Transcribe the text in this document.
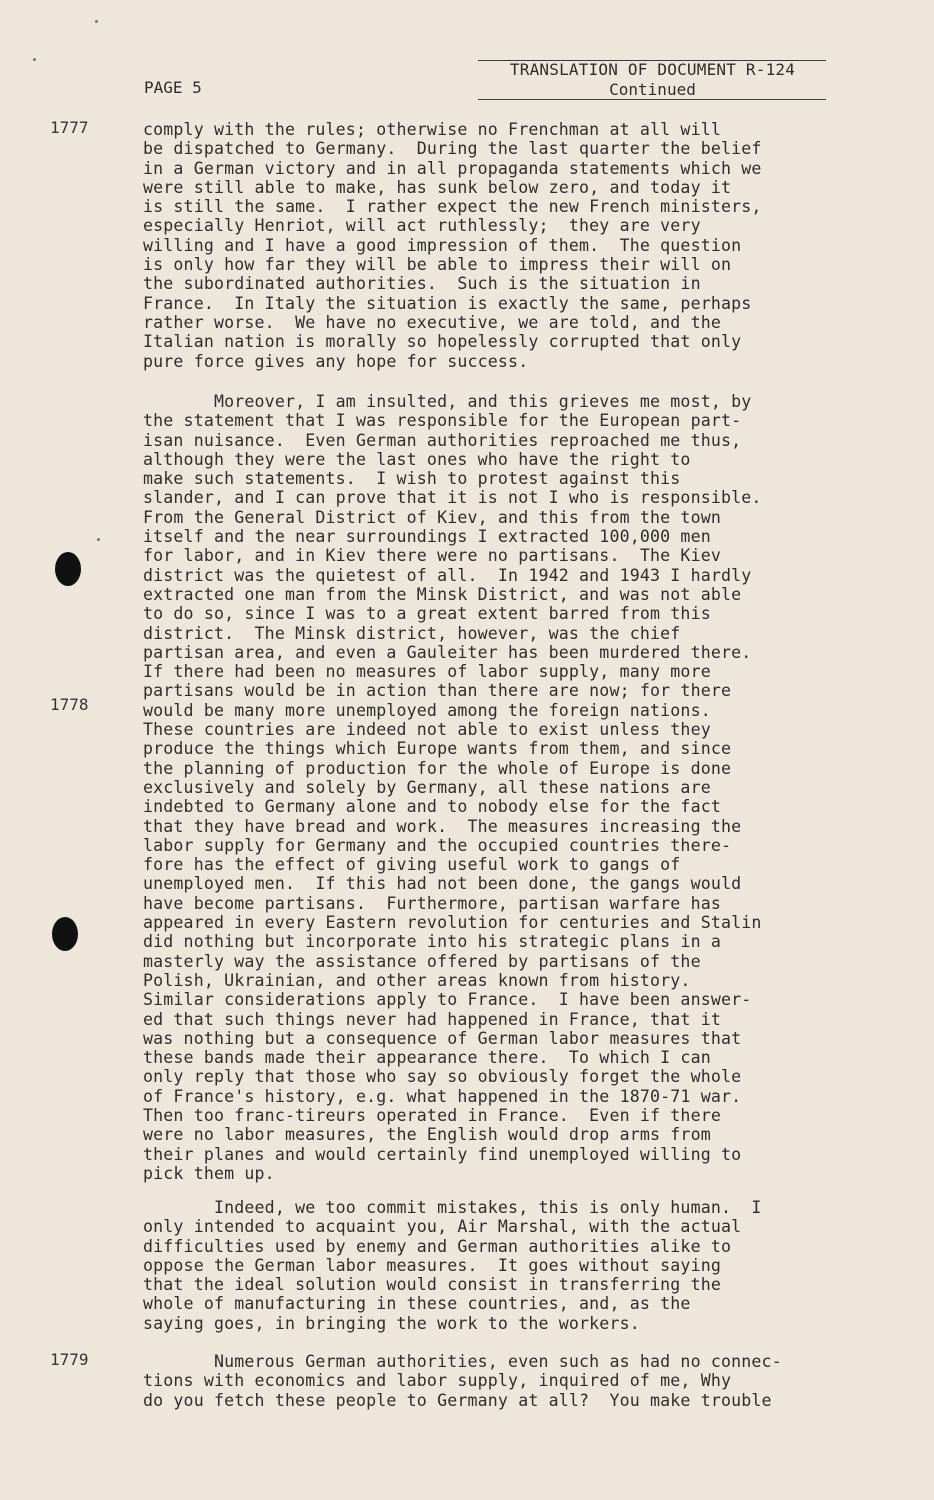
TRANSLATION OF DOCUMENT R-124
Continued
PAGE 5
1777
1778
1779

comply with the rules; otherwise no Frenchman at all will
be dispatched to Germany.  During the last quarter the belief
in a German victory and in all propaganda statements which we
were still able to make, has sunk below zero, and today it
is still the same.  I rather expect the new French ministers,
especially Henriot, will act ruthlessly;  they are very
willing and I have a good impression of them.  The question
is only how far they will be able to impress their will on
the subordinated authorities.  Such is the situation in
France.  In Italy the situation is exactly the same, perhaps
rather worse.  We have no executive, we are told, and the
Italian nation is morally so hopelessly corrupted that only
pure force gives any hope for success.

Moreover, I am insulted, and this grieves me most, by
the statement that I was responsible for the European part-
isan nuisance.  Even German authorities reproached me thus,
although they were the last ones who have the right to
make such statements.  I wish to protest against this
slander, and I can prove that it is not I who is responsible.
From the General District of Kiev, and this from the town
itself and the near surroundings I extracted 100,000 men
for labor, and in Kiev there were no partisans.  The Kiev
district was the quietest of all.  In 1942 and 1943 I hardly
extracted one man from the Minsk District, and was not able
to do so, since I was to a great extent barred from this
district.  The Minsk district, however, was the chief
partisan area, and even a Gauleiter has been murdered there.
If there had been no measures of labor supply, many more
partisans would be in action than there are now; for there
would be many more unemployed among the foreign nations.
These countries are indeed not able to exist unless they
produce the things which Europe wants from them, and since
the planning of production for the whole of Europe is done
exclusively and solely by Germany, all these nations are
indebted to Germany alone and to nobody else for the fact
that they have bread and work.  The measures increasing the
labor supply for Germany and the occupied countries there-
fore has the effect of giving useful work to gangs of
unemployed men.  If this had not been done, the gangs would
have become partisans.  Furthermore, partisan warfare has
appeared in every Eastern revolution for centuries and Stalin
did nothing but incorporate into his strategic plans in a
masterly way the assistance offered by partisans of the
Polish, Ukrainian, and other areas known from history.
Similar considerations apply to France.  I have been answer-
ed that such things never had happened in France, that it
was nothing but a consequence of German labor measures that
these bands made their appearance there.  To which I can
only reply that those who say so obviously forget the whole
of France's history, e.g. what happened in the 1870-71 war.
Then too franc-tireurs operated in France.  Even if there
were no labor measures, the English would drop arms from
their planes and would certainly find unemployed willing to
pick them up.

Indeed, we too commit mistakes, this is only human.  I
only intended to acquaint you, Air Marshal, with the actual
difficulties used by enemy and German authorities alike to
oppose the German labor measures.  It goes without saying
that the ideal solution would consist in transferring the
whole of manufacturing in these countries, and, as the
saying goes, in bringing the work to the workers.

Numerous German authorities, even such as had no connec-
tions with economics and labor supply, inquired of me, Why
do you fetch these people to Germany at all?  You make trouble
